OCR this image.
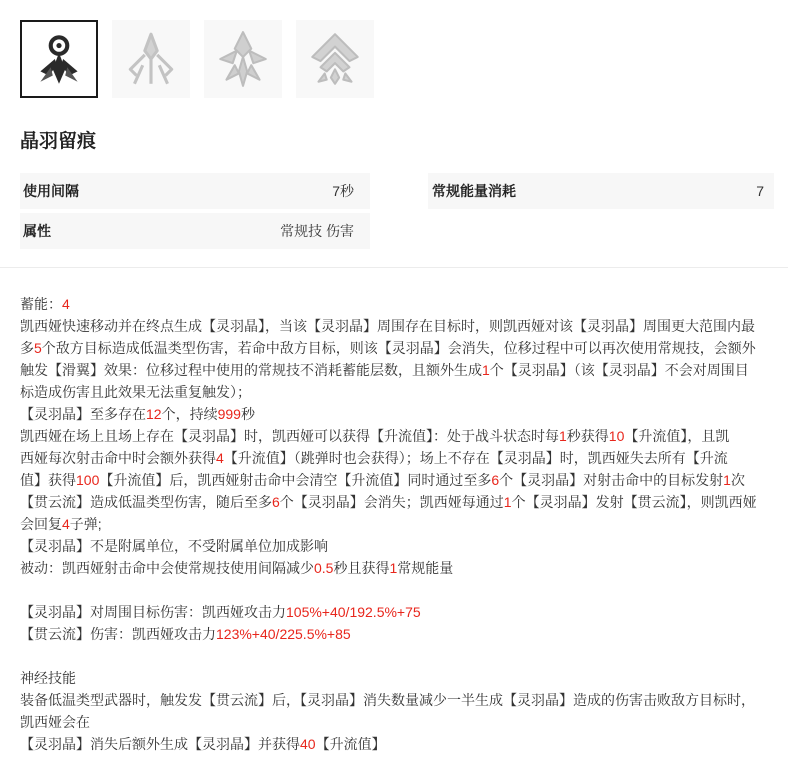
晶羽留痕
使用间隔	7秒	常规能量消耗	7
属性	常规技 伤害

蓄能：4

凯西娅快速移动并在终点生成【灵羽晶】，当该【灵羽晶】周围存在目标时，则凯西娅对该【灵羽晶】周围更大范围内最

多5个敌方目标造成低温类型伤害，若命中敌方目标，则该【灵羽晶】会消失，位移过程中可以再次使用常规技，会额外

触发【滑翼】效果：位移过程中使用的常规技不消耗蓄能层数，且额外生成1个【灵羽晶】（该【灵羽晶】不会对周围目

标造成伤害且此效果无法重复触发）；

【灵羽晶】至多存在12个，持续999秒

凯西娅在场上且场上存在【灵羽晶】时，凯西娅可以获得【升流值】：处于战斗状态时每1秒获得10【升流值】，且凯

西娅每次射击命中时会额外获得4【升流值】（跳弹时也会获得）；场上不存在【灵羽晶】时，凯西娅失去所有【升流

值】获得100【升流值】后，凯西娅射击命中会清空【升流值】同时通过至多6个【灵羽晶】对射击命中的目标发射1次

【贯云流】造成低温类型伤害，随后至多6个【灵羽晶】会消失；凯西娅每通过1个【灵羽晶】发射【贯云流】，则凯西娅

会回复4子弹;

【灵羽晶】不是附属单位，不受附属单位加成影响

被动：凯西娅射击命中会使常规技使用间隔减少0.5秒且获得1常规能量

【灵羽晶】对周围目标伤害：凯西娅攻击力105%+40/192.5%+75

【贯云流】伤害：凯西娅攻击力123%+40/225.5%+85

神经技能

装备低温类型武器时，触发发【贯云流】后，【灵羽晶】消失数量减少一半生成【灵羽晶】造成的伤害击败敌方目标时，

凯西娅会在

【灵羽晶】消失后额外生成【灵羽晶】并获得40【升流值】
